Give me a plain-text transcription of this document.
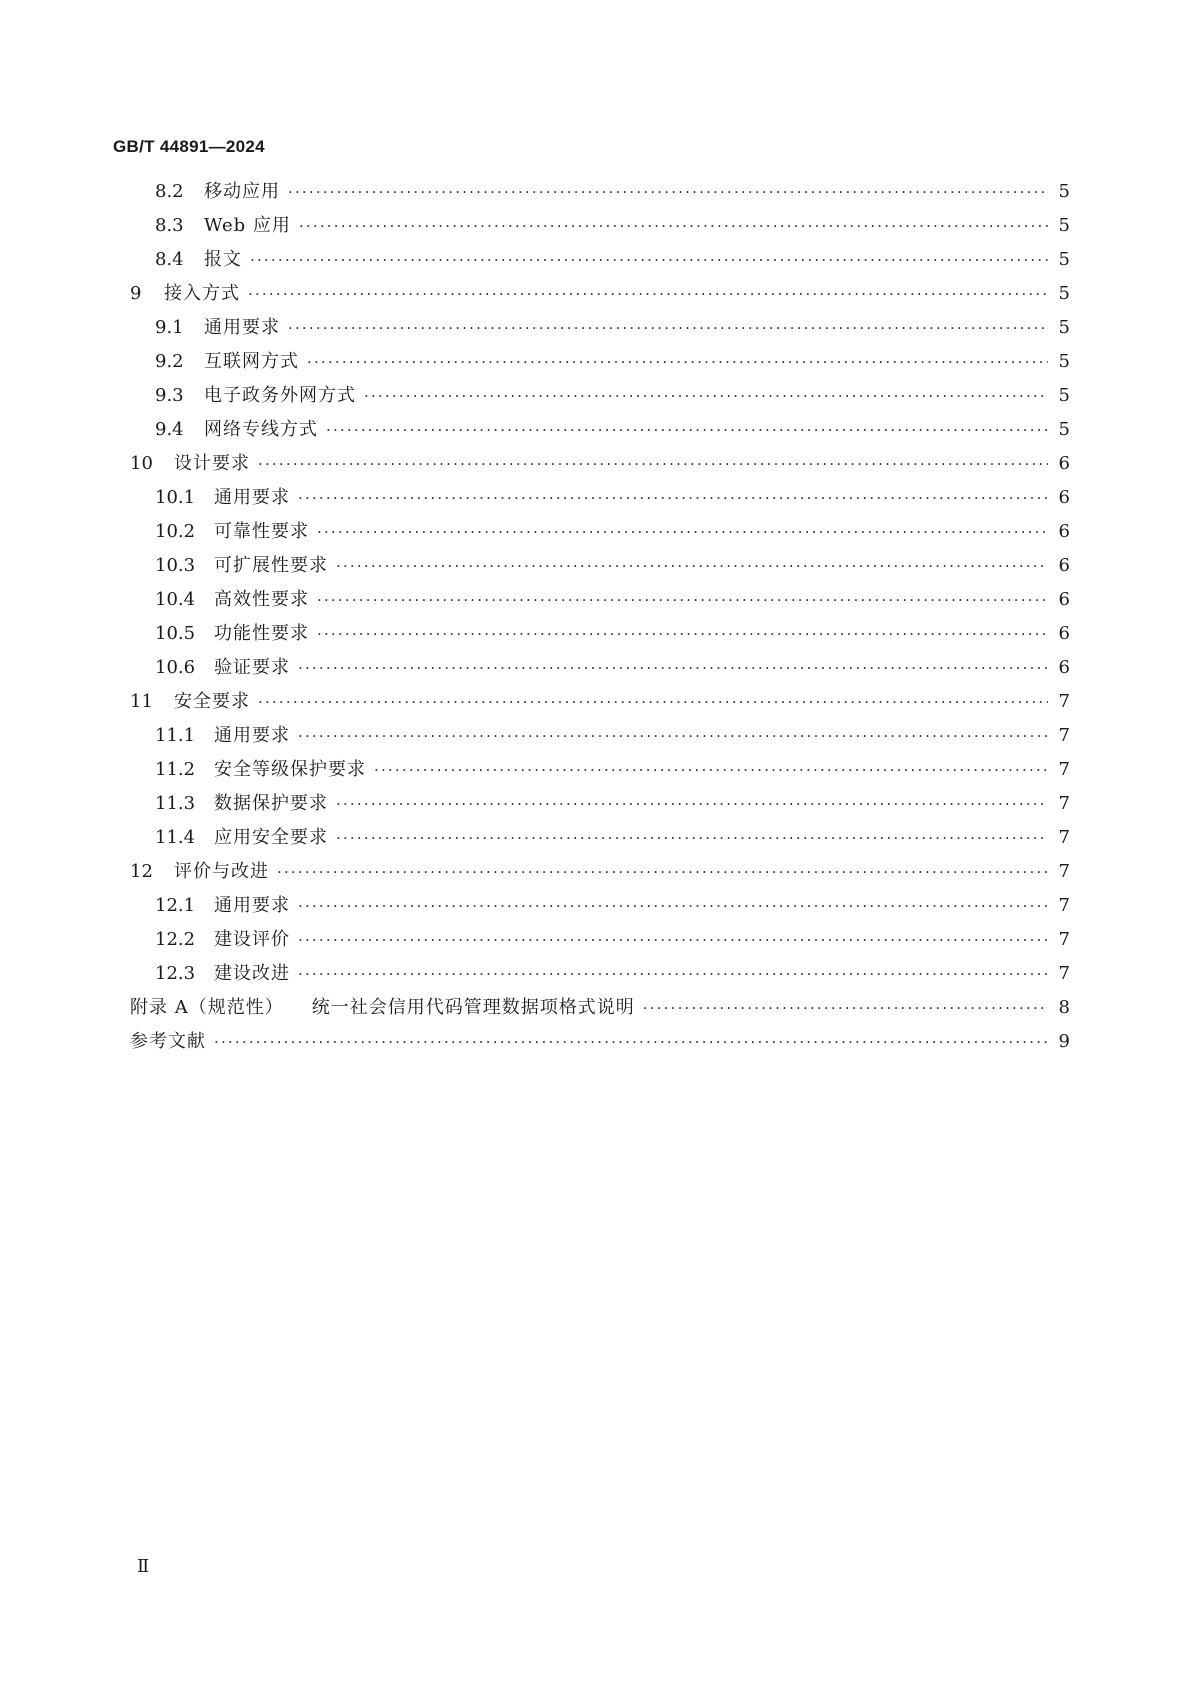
GB/T 44891—2024
8.2	移动应用 ·····	5
8.3	Web 应用 ·····	5
8.4	报文 ·····	5
9	接入方式 ·····	5
9.1	通用要求 ·····	5
9.2	互联网方式 ·····	5
9.3	电子政务外网方式 ·····	5
9.4	网络专线方式 ·····	5
10	设计要求 ·····	6
10.1	通用要求 ·····	6
10.2	可靠性要求 ·····	6
10.3	可扩展性要求 ·····	6
10.4	高效性要求 ·····	6
10.5	功能性要求 ·····	6
10.6	验证要求 ·····	6
11	安全要求 ·····	7
11.1	通用要求 ·····	7
11.2	安全等级保护要求 ·····	7
11.3	数据保护要求 ·····	7
11.4	应用安全要求 ·····	7
12	评价与改进 ·····	7
12.1	通用要求 ·····	7
12.2	建设评价 ·····	7
12.3	建设改进 ·····	7
附录 A（规范性）	统一社会信用代码管理数据项格式说明 ·····	8
参考文献 ·····	9
Ⅱ
